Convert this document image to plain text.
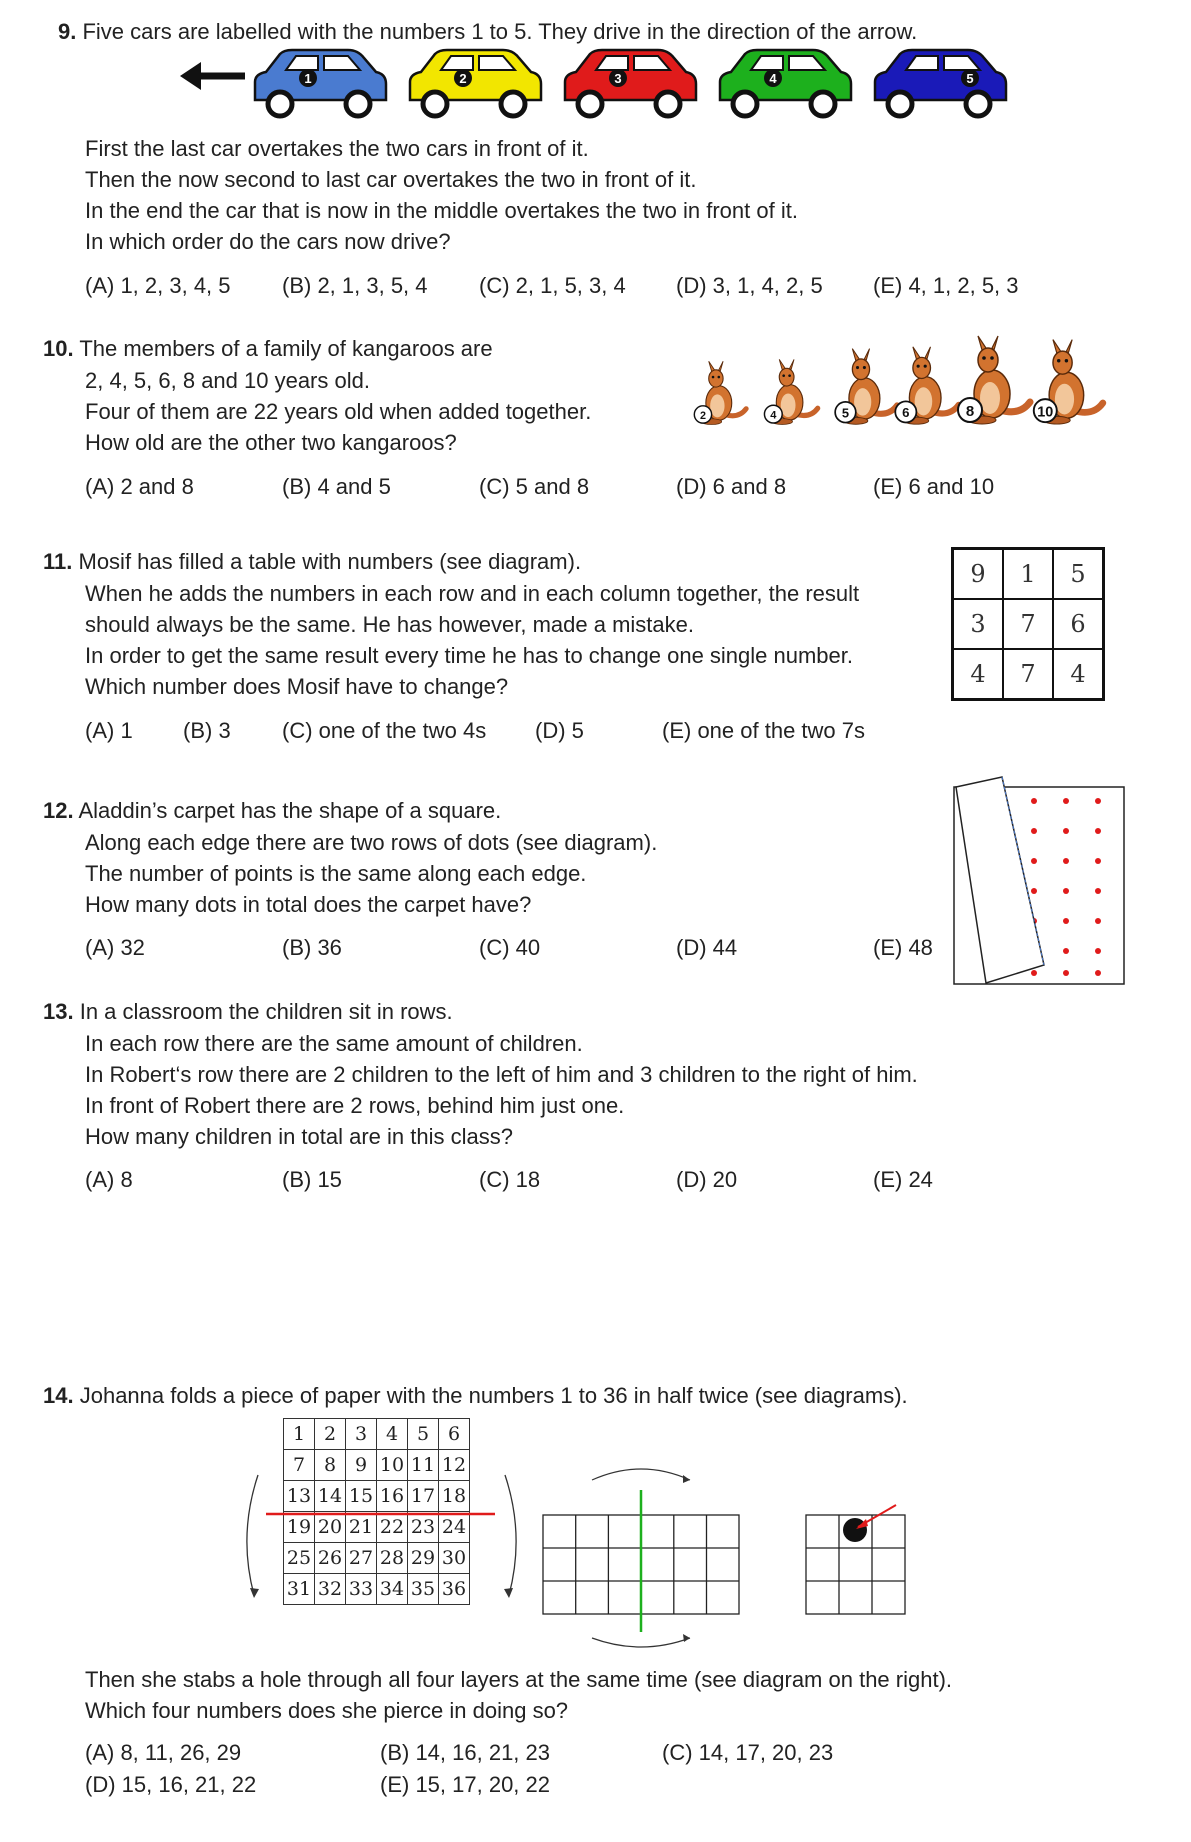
9. Five cars are labelled with the numbers 1 to 5. They drive in the direction of the arrow.
1	2	3	4	5
First the last car overtakes the two cars in front of it.
Then the now second to last car overtakes the two in front of it.
In the end the car that is now in the middle overtakes the two in front of it.
In which order do the cars now drive?
(A) 1, 2, 3, 4, 5 (B) 2, 1, 3, 5, 4 (C) 2, 1, 5, 3, 4 (D) 3, 1, 4, 2, 5 (E) 4, 1, 2, 5, 3
10. The members of a family of kangaroos are
2, 4, 5, 6, 8 and 10 years old.
Four of them are 22 years old when added together.
How old are the other two kangaroos?
2	4	5	6	8	10
(A) 2 and 8	(B) 4 and 5	(C) 5 and 8	(D) 6 and 8	(E) 6 and 10
11. Mosif has filled a table with numbers (see diagram).
When he adds the numbers in each row and in each column together, the result
should always be the same. He has however, made a mistake.
In order to get the same result every time he has to change one single number.
Which number does Mosif have to change?
9	1	5
3	7	6
4	7	4
(A) 1 (B) 3 (C) one of the two 4s (D) 5	(E) one of the two 7s
12. Aladdin’s carpet has the shape of a square.
Along each edge there are two rows of dots (see diagram).
The number of points is the same along each edge.
How many dots in total does the carpet have?
(A) 32	(B) 36	(C) 40	(D) 44	(E) 48
13. In a classroom the children sit in rows.
In each row there are the same amount of children.
In Robert‘s row there are 2 children to the left of him and 3 children to the right of him.
In front of Robert there are 2 rows, behind him just one.
How many children in total are in this class?
(A) 8	(B) 15	(C) 18	(D) 20	(E) 24
14. Johanna folds a piece of paper with the numbers 1 to 36 in half twice (see diagrams).
1	2	3	4	5	6
7	8	9	10	11	12
13	14	15	16	17	18
19	20	21	22	23	24
25	26	27	28	29	30
31	32	33	34	35	36
Then she stabs a hole through all four layers at the same time (see diagram on the right).
Which four numbers does she pierce in doing so?
(A) 8, 11, 26, 29	(B) 14, 16, 21, 23	(C) 14, 17, 20, 23
(D) 15, 16, 21, 22	(E) 15, 17, 20, 22
